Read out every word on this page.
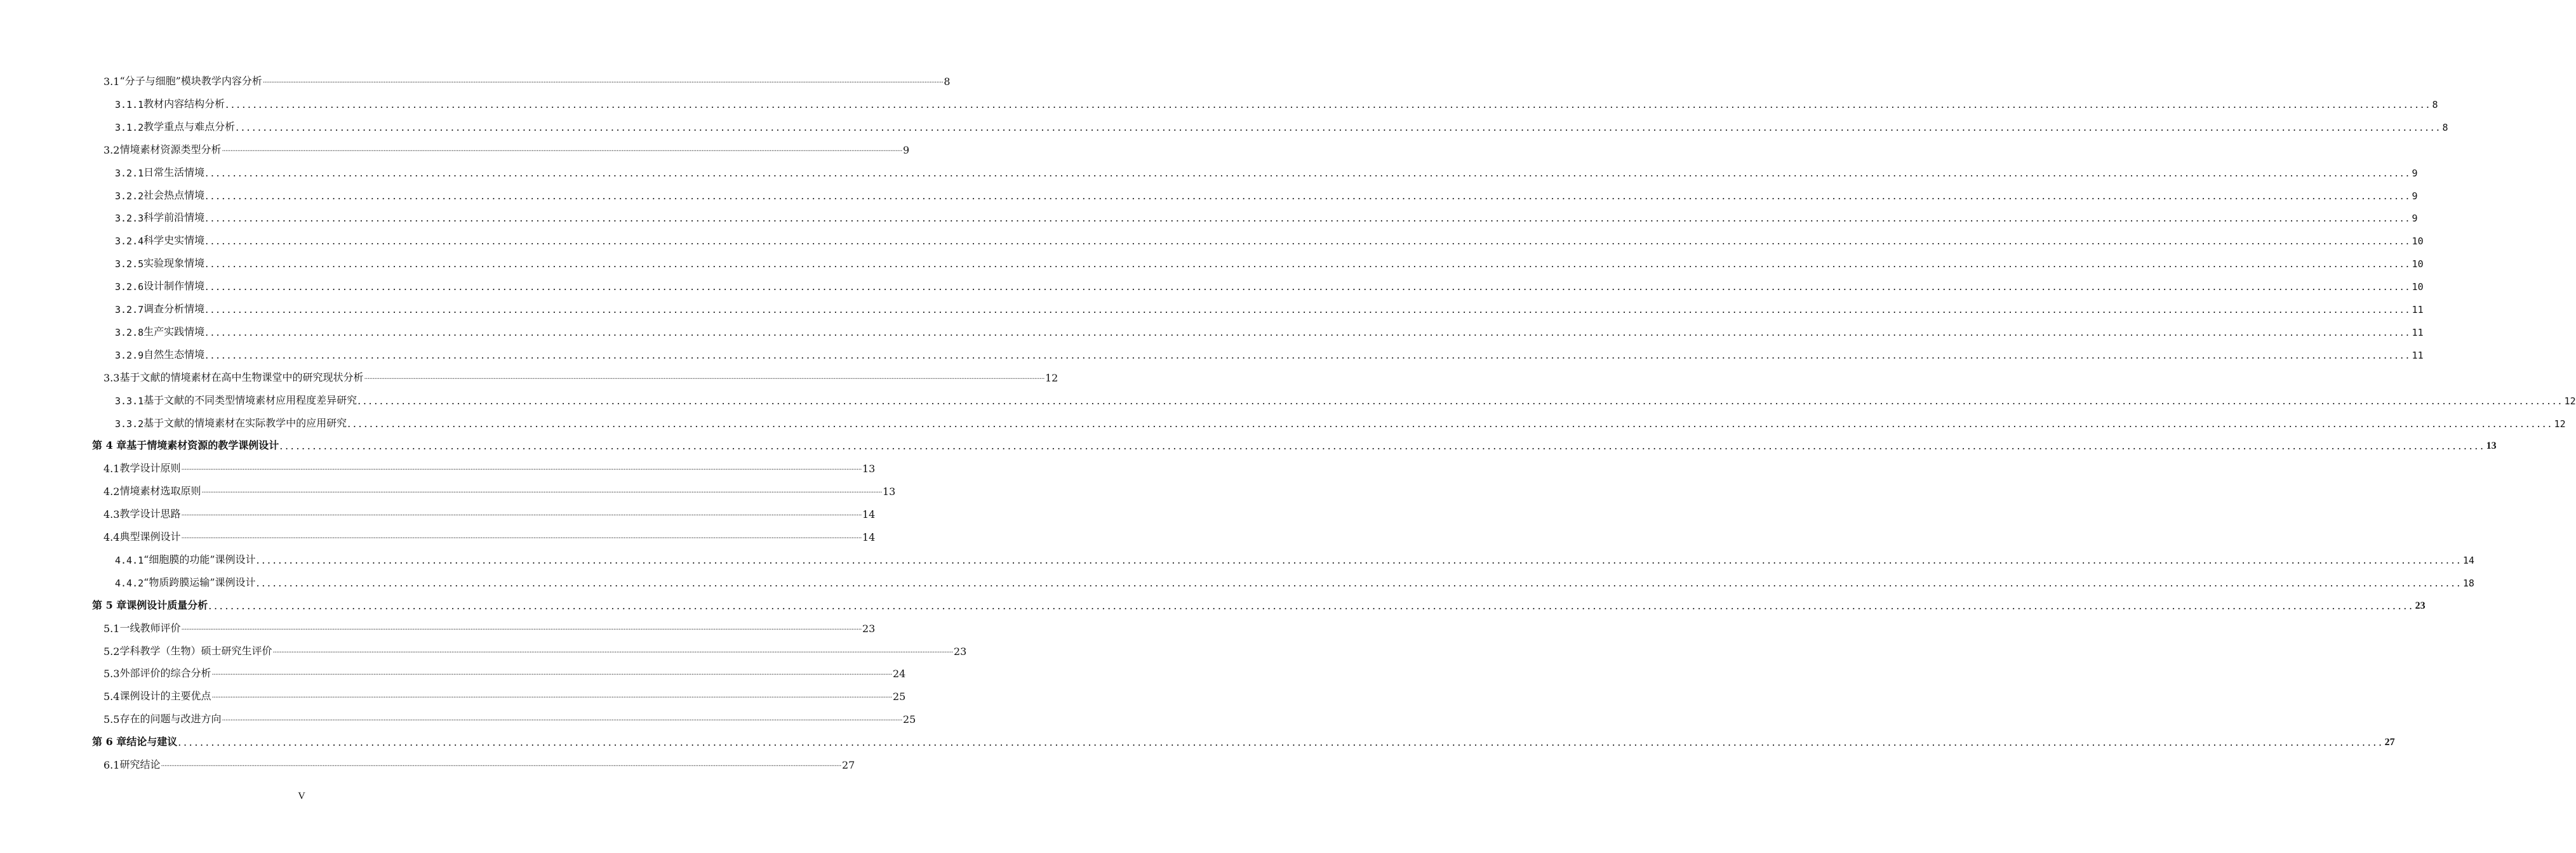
3.1 “分子与细胞”模块教学内容分析 ................................................................................................................................................................................................................................................................................................................................................................................................................ 8
3.1.1 教材内容结构分析 ................................................................................................................................................................................................................................................................................................................................................................................................................ 8
3.1.2 教学重点与难点分析 ................................................................................................................................................................................................................................................................................................................................................................................................................ 8
3.2 情境素材资源类型分析 ................................................................................................................................................................................................................................................................................................................................................................................................................ 9
3.2.1 日常生活情境 ................................................................................................................................................................................................................................................................................................................................................................................................................ 9
3.2.2 社会热点情境 ................................................................................................................................................................................................................................................................................................................................................................................................................ 9
3.2.3 科学前沿情境 ................................................................................................................................................................................................................................................................................................................................................................................................................ 9
3.2.4 科学史实情境 ................................................................................................................................................................................................................................................................................................................................................................................................................ 10
3.2.5 实验现象情境 ................................................................................................................................................................................................................................................................................................................................................................................................................ 10
3.2.6 设计制作情境 ................................................................................................................................................................................................................................................................................................................................................................................................................ 10
3.2.7 调查分析情境 ................................................................................................................................................................................................................................................................................................................................................................................................................ 11
3.2.8 生产实践情境 ................................................................................................................................................................................................................................................................................................................................................................................................................ 11
3.2.9 自然生态情境 ................................................................................................................................................................................................................................................................................................................................................................................................................ 11
3.3 基于文献的情境素材在高中生物课堂中的研究现状分析 ................................................................................................................................................................................................................................................................................................................................................................................................................ 12
3.3.1 基于文献的不同类型情境素材应用程度差异研究 ................................................................................................................................................................................................................................................................................................................................................................................................................ 12
3.3.2 基于文献的情境素材在实际教学中的应用研究 ................................................................................................................................................................................................................................................................................................................................................................................................................ 12
第 4 章 基于情境素材资源的教学课例设计 ................................................................................................................................................................................................................................................................................................................................................................................................................ 13
4.1 教学设计原则 ................................................................................................................................................................................................................................................................................................................................................................................................................ 13
4.2 情境素材选取原则 ................................................................................................................................................................................................................................................................................................................................................................................................................ 13
4.3 教学设计思路 ................................................................................................................................................................................................................................................................................................................................................................................................................ 14
4.4 典型课例设计 ................................................................................................................................................................................................................................................................................................................................................................................................................ 14
4.4.1 “细胞膜的功能”课例设计 ................................................................................................................................................................................................................................................................................................................................................................................................................ 14
4.4.2 “物质跨膜运输”课例设计 ................................................................................................................................................................................................................................................................................................................................................................................................................ 18
第 5 章 课例设计质量分析 ................................................................................................................................................................................................................................................................................................................................................................................................................ 23
5.1 一线教师评价 ................................................................................................................................................................................................................................................................................................................................................................................................................ 23
5.2 学科教学（生物）硕士研究生评价 ................................................................................................................................................................................................................................................................................................................................................................................................................ 23
5.3 外部评价的综合分析 ................................................................................................................................................................................................................................................................................................................................................................................................................ 24
5.4 课例设计的主要优点 ................................................................................................................................................................................................................................................................................................................................................................................................................ 25
5.5 存在的问题与改进方向 ................................................................................................................................................................................................................................................................................................................................................................................................................ 25
第 6 章 结论与建议 ................................................................................................................................................................................................................................................................................................................................................................................................................ 27
6.1 研究结论 ................................................................................................................................................................................................................................................................................................................................................................................................................ 27
V
